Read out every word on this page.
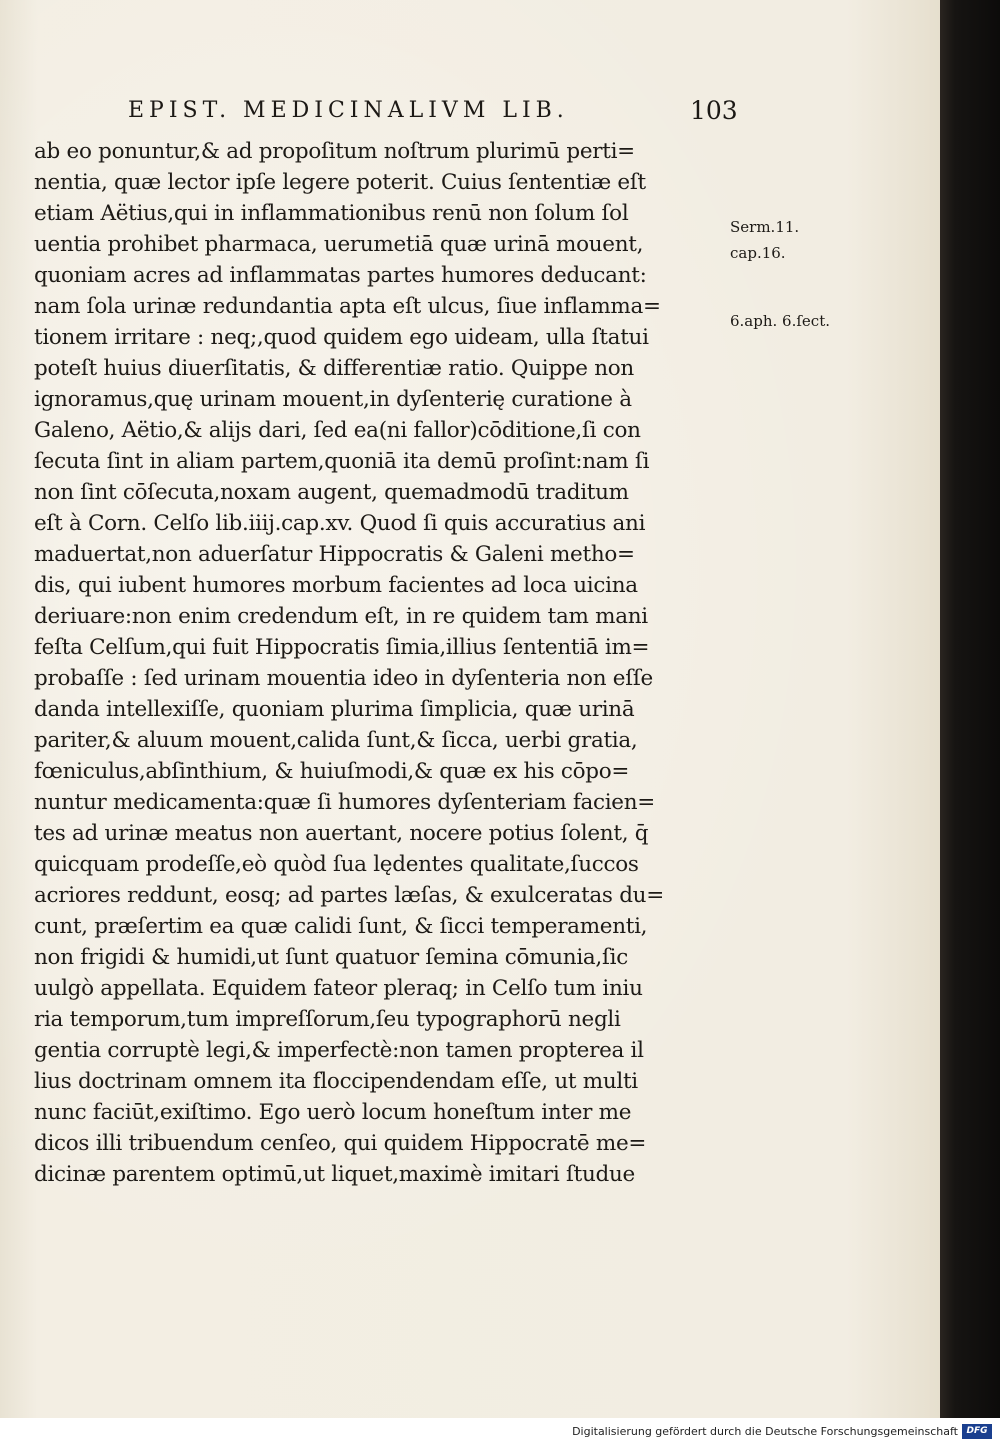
EPIST. MEDICINALIVM LIB.	103
ab eo ponuntur,& ad propoſitum noſtrum plurimū perti=
nentia, quæ lector ipſe legere poterit. Cuius ſententiæ eſt
etiam Aëtius,qui in inflammationibus renū non ſolum ſol
uentia prohibet pharmaca, uerumetiā quæ urinā mouent,
quoniam acres ad inflammatas partes humores deducant:
nam ſola urinæ redundantia apta eſt ulcus, ſiue inflamma=
tionem irritare : neq;,quod quidem ego uideam, ulla ſtatui
poteſt huius diuerſitatis, & differentiæ ratio. Quippe non
ignoramus,quę urinam mouent,in dyſenterię curatione à
Galeno, Aëtio,& alijs dari, ſed ea(ni fallor)cōditione,ſi con
ſecuta ſint in aliam partem,quoniā ita demū proſint:nam ſi
non ſint cōſecuta,noxam augent, quemadmodū traditum
eſt à Corn. Celſo lib.iiij.cap.xv. Quod ſi quis accuratius ani
maduertat,non aduerſatur Hippocratis & Galeni metho=
dis, qui iubent humores morbum facientes ad loca uicina
deriuare:non enim credendum eſt, in re quidem tam mani
feſta Celſum,qui fuit Hippocratis ſimia,illius ſententiā im=
probaſſe : ſed urinam mouentia ideo in dyſenteria non eſſe
danda intellexiſſe, quoniam plurima ſimplicia, quæ urinā
pariter,& aluum mouent,calida ſunt,& ſicca, uerbi gratia,
fœniculus,abſinthium, & huiuſmodi,& quæ ex his cōpo=
nuntur medicamenta:quæ ſi humores dyſenteriam facien=
tes ad urinæ meatus non auertant, nocere potius ſolent, q̄
quicquam prodeſſe,eò quòd ſua lędentes qualitate,ſuccos
acriores reddunt, eosq; ad partes læſas, & exulceratas du=
cunt, præſertim ea quæ calidi ſunt, & ſicci temperamenti,
non frigidi & humidi,ut ſunt quatuor ſemina cōmunia,ſic
uulgò appellata. Equidem fateor pleraq; in Celſo tum iniu
ria temporum,tum impreſſorum,ſeu typographorū negli
gentia corruptè legi,& imperfectè:non tamen propterea il
lius doctrinam omnem ita floccipendendam eſſe, ut multi
nunc faciūt,exiſtimo. Ego uerò locum honeſtum inter me
dicos illi tribuendum cenſeo, qui quidem Hippocratē me=
dicinæ parentem optimū,ut liquet,maximè imitari ſtudue
Serm.11.
cap.16.
6.aph. 6.ſect.
Digitalisierung gefördert durch die Deutsche Forschungsgemeinschaft DFG
